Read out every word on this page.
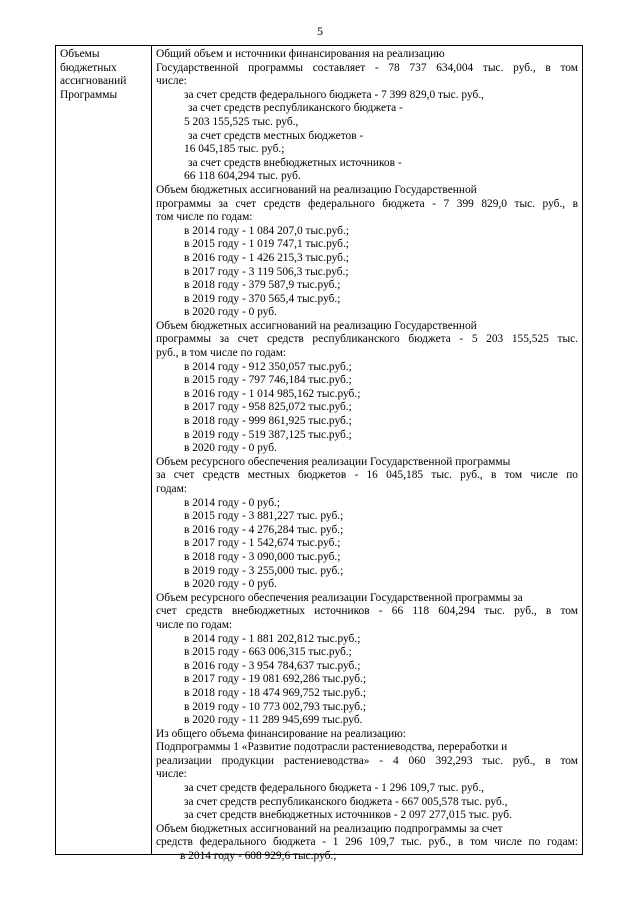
5
Объемы
бюджетных
ассигнований
Программы
Общий объем и источники финансирования на реализацию
Государственной программы составляет - 78 737 634,004 тыс. руб., в том
числе:
за счет средств федерального бюджета - 7 399 829,0 тыс. руб.,
за счет средств республиканского бюджета -
5 203 155,525 тыс. руб.,
за счет средств местных бюджетов -
16 045,185 тыс. руб.;
за счет средств внебюджетных источников -
66 118 604,294 тыс. руб.
Объем бюджетных ассигнований на реализацию Государственной
программы за счет средств федерального бюджета - 7 399 829,0 тыс. руб., в
том числе по годам:
в 2014 году - 1 084 207,0 тыс.руб.;
в 2015 году - 1 019 747,1 тыс.руб.;
в 2016 году - 1 426 215,3 тыс.руб.;
в 2017 году - 3 119 506,3 тыс.руб.;
в 2018 году - 379 587,9 тыс.руб.;
в 2019 году - 370 565,4 тыс.руб.;
в 2020 году - 0 руб.
Объем бюджетных ассигнований на реализацию Государственной
программы за счет средств республиканского бюджета - 5 203 155,525 тыс.
руб., в том числе по годам:
в 2014 году - 912 350,057 тыс.руб.;
в 2015 году - 797 746,184 тыс.руб.;
в 2016 году - 1 014 985,162 тыс.руб.;
в 2017 году - 958 825,072 тыс.руб.;
в 2018 году - 999 861,925 тыс.руб.;
в 2019 году - 519 387,125 тыс.руб.;
в 2020 году - 0 руб.
Объем ресурсного обеспечения реализации Государственной программы
за счет средств местных бюджетов - 16 045,185 тыс. руб., в том числе по
годам:
в 2014 году - 0 руб.;
в 2015 году - 3 881,227 тыс. руб.;
в 2016 году - 4 276,284 тыс. руб.;
в 2017 году - 1 542,674 тыс.руб.;
в 2018 году - 3 090,000 тыс.руб.;
в 2019 году - 3 255,000 тыс. руб.;
в 2020 году - 0 руб.
Объем ресурсного обеспечения реализации Государственной программы за
счет средств внебюджетных источников - 66 118 604,294 тыс. руб., в том
числе по годам:
в 2014 году - 1 881 202,812 тыс.руб.;
в 2015 году - 663 006,315 тыс.руб.;
в 2016 году - 3 954 784,637 тыс.руб.;
в 2017 году - 19 081 692,286 тыс.руб.;
в 2018 году - 18 474 969,752 тыс.руб.;
в 2019 году - 10 773 002,793 тыс.руб.;
в 2020 году - 11 289 945,699 тыс.руб.
Из общего объема финансирование на реализацию:
Подпрограммы 1 «Развитие подотрасли растениеводства, переработки и
реализации продукции растениеводства» - 4 060 392,293 тыс. руб., в том
числе:
за счет средств федерального бюджета - 1 296 109,7 тыс. руб.,
за счет средств республиканского бюджета - 667 005,578 тыс. руб.,
за счет средств внебюджетных источников - 2 097 277,015 тыс. руб.
Объем бюджетных ассигнований на реализацию подпрограммы за счет
средств федерального бюджета - 1 296 109,7 тыс. руб., в том числе по годам:
в 2014 году - 608 929,6 тыс.руб.;
